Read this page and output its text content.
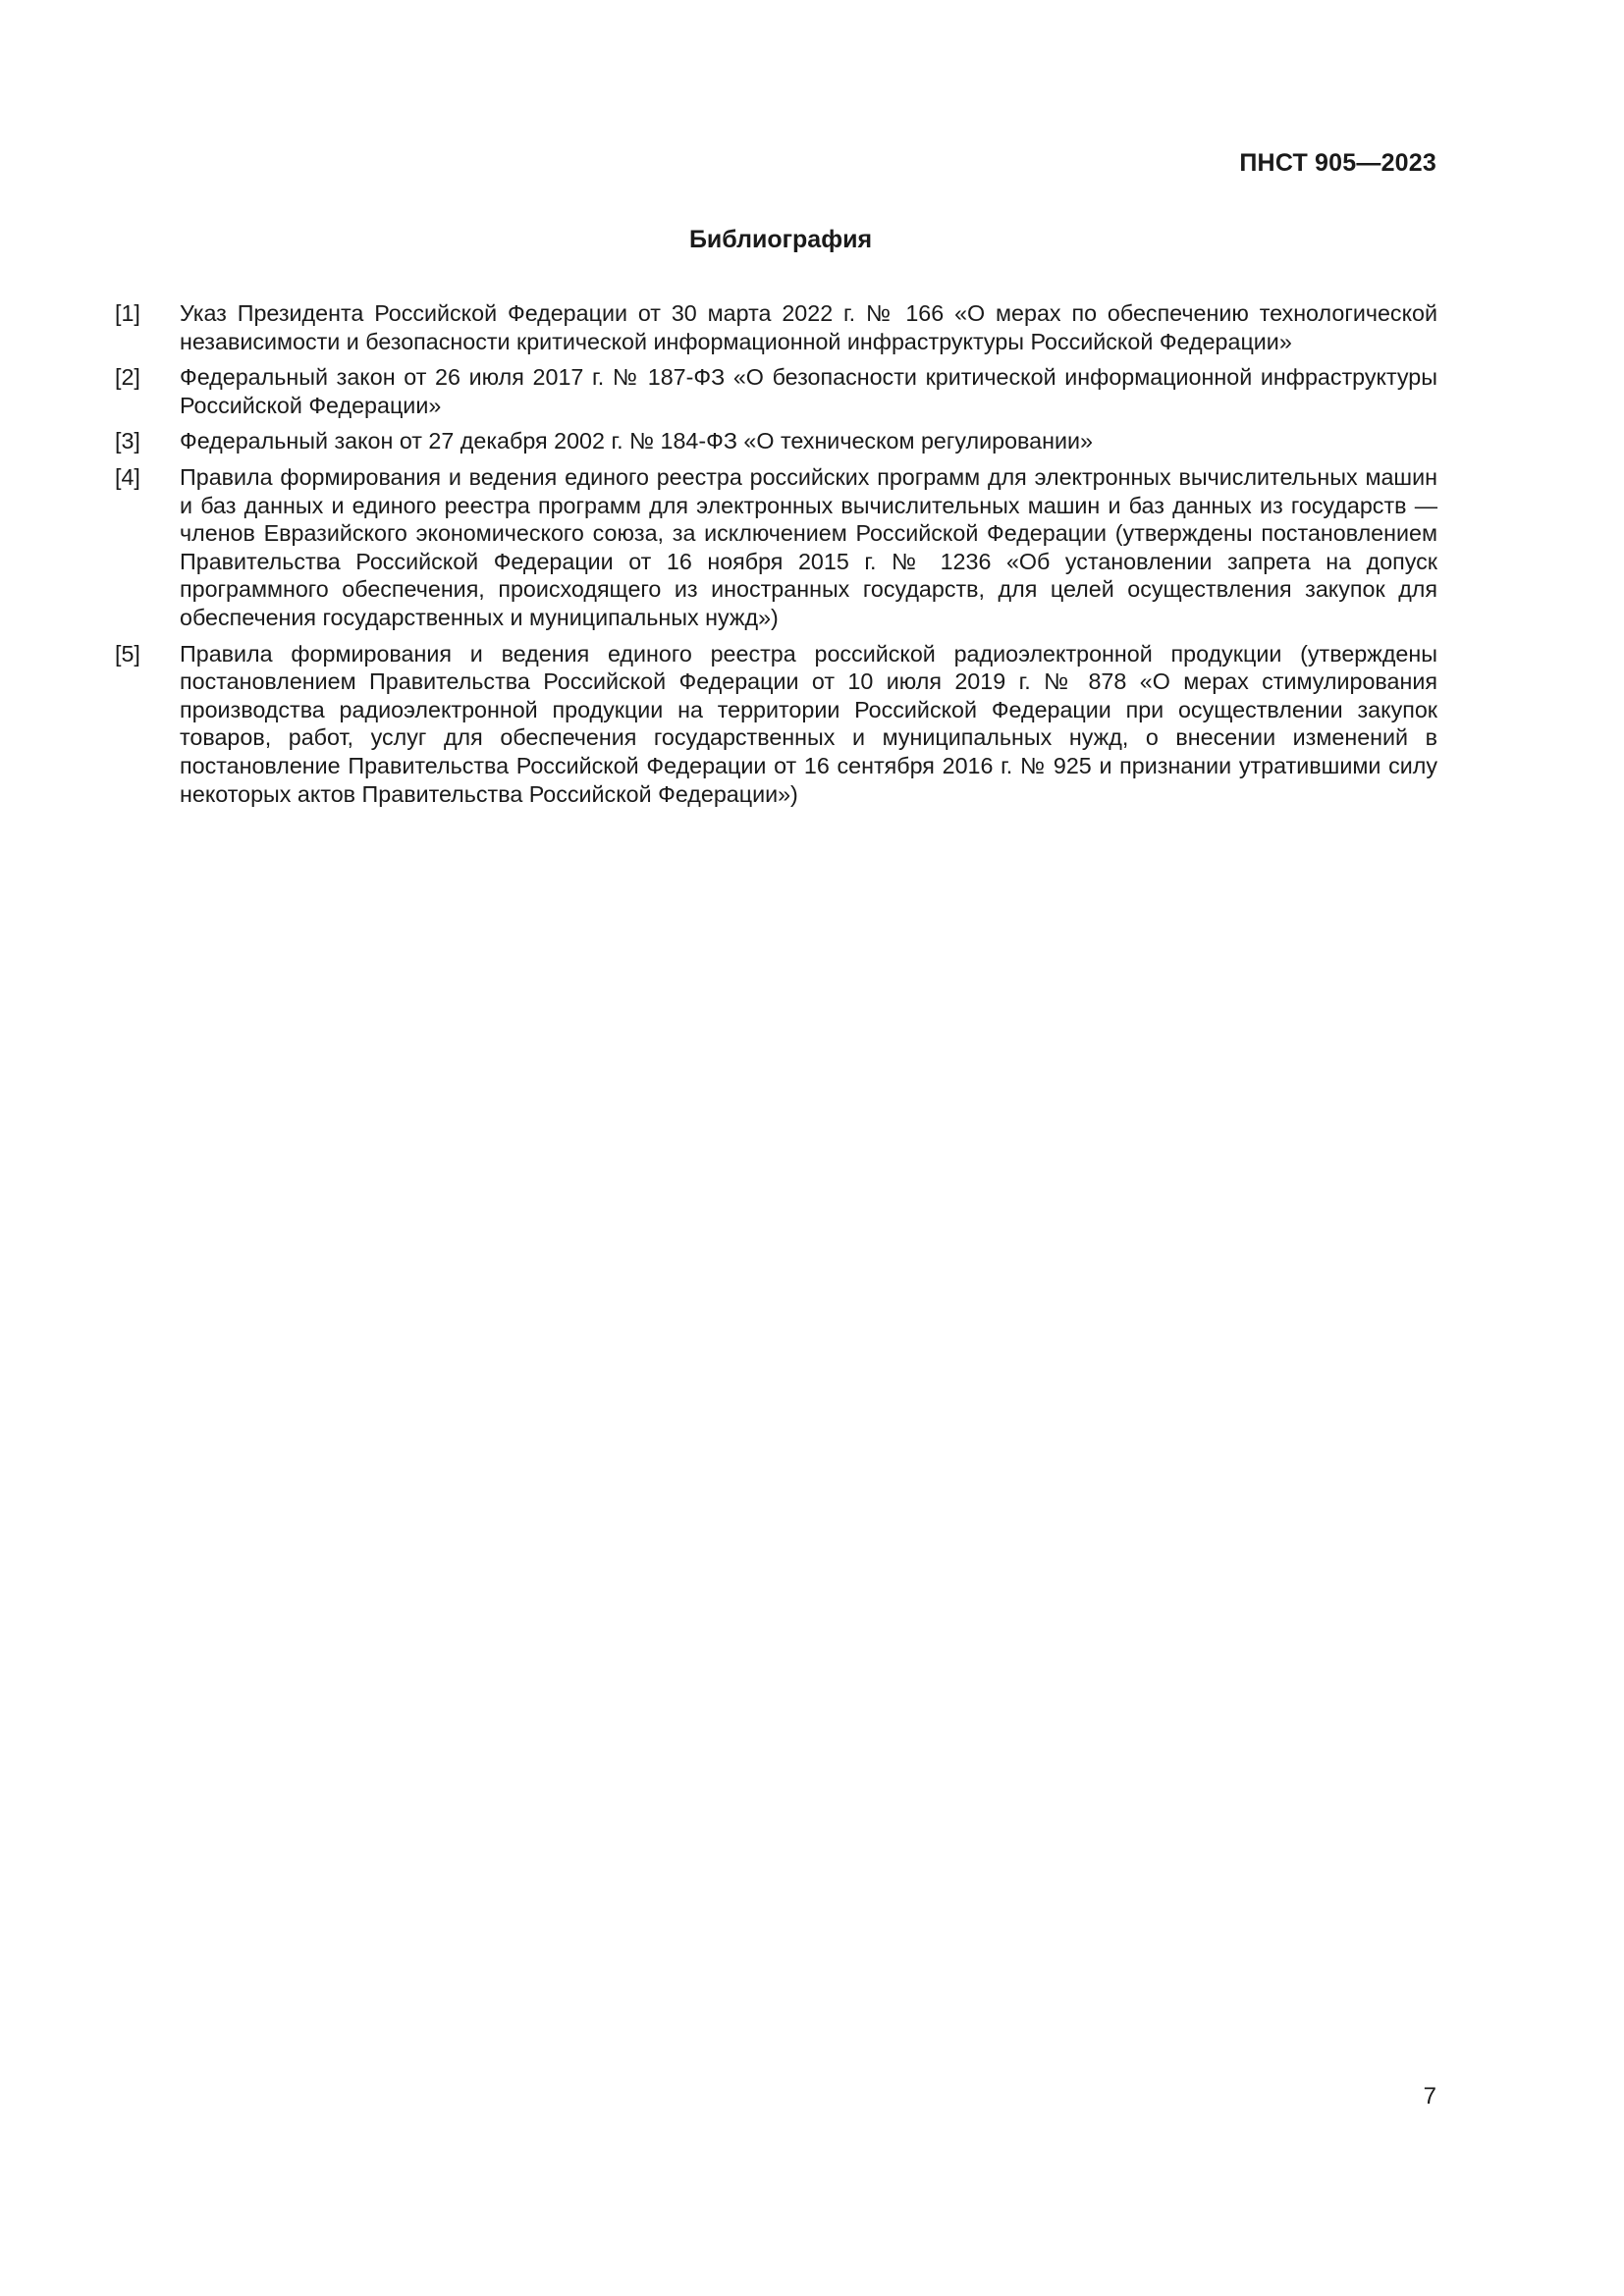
ПНСТ 905—2023
Библиография
[1]	Указ Президента Российской Федерации от 30 марта 2022 г. № 166 «О мерах по обеспечению технологической независимости и безопасности критической информационной инфраструктуры Российской Федерации»
[2]	Федеральный закон от 26 июля 2017 г. № 187-ФЗ «О безопасности критической информационной инфраструктуры Российской Федерации»
[3]	Федеральный закон от 27 декабря 2002 г. № 184-ФЗ «О техническом регулировании»
[4]	Правила формирования и ведения единого реестра российских программ для электронных вычислительных машин и баз данных и единого реестра программ для электронных вычислительных машин и баз данных из государств — членов Евразийского экономического союза, за исключением Российской Федерации (утверждены постановлением Правительства Российской Федерации от 16 ноября 2015 г. № 1236 «Об установлении запрета на допуск программного обеспечения, происходящего из иностранных государств, для целей осуществления закупок для обеспечения государственных и муниципальных нужд»)
[5]	Правила формирования и ведения единого реестра российской радиоэлектронной продукции (утверждены постановлением Правительства Российской Федерации от 10 июля 2019 г. № 878 «О мерах стимулирования производства радиоэлектронной продукции на территории Российской Федерации при осуществлении закупок товаров, работ, услуг для обеспечения государственных и муниципальных нужд, о внесении изменений в постановление Правительства Российской Федерации от 16 сентября 2016 г. № 925 и признании утратившими силу некоторых актов Правительства Российской Федерации»)
7
